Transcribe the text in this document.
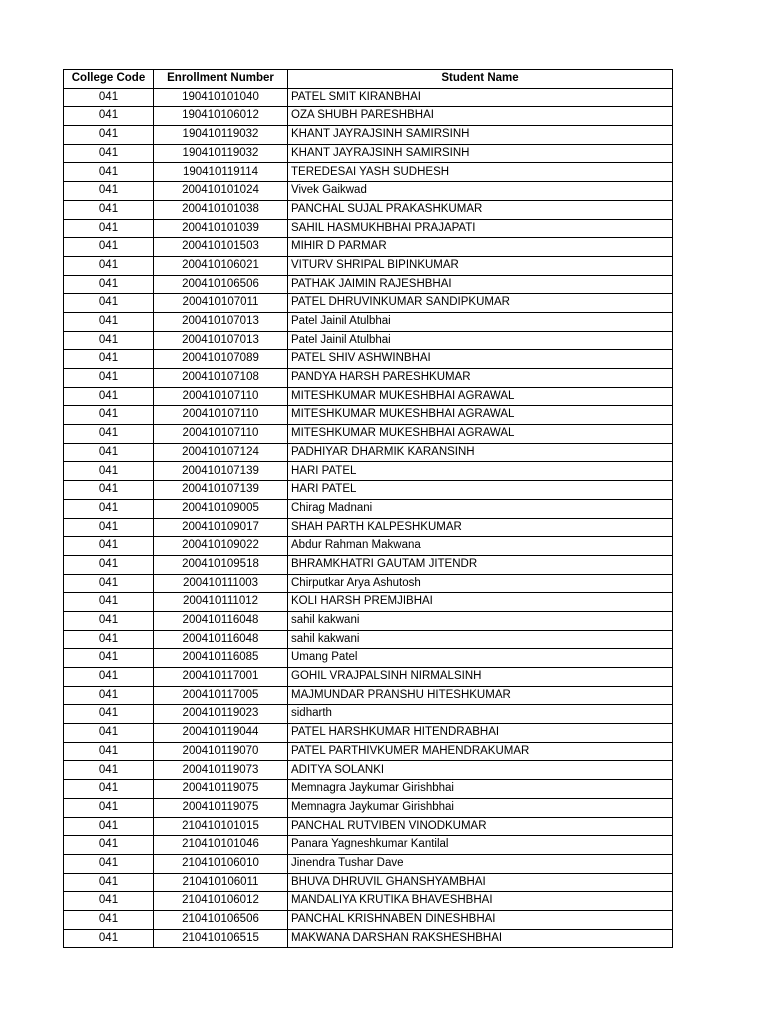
College Code	Enrollment Number	Student Name
041	190410101040	PATEL SMIT KIRANBHAI
041	190410106012	OZA SHUBH PARESHBHAI
041	190410119032	KHANT JAYRAJSINH SAMIRSINH
041	190410119032	KHANT JAYRAJSINH SAMIRSINH
041	190410119114	TEREDESAI YASH SUDHESH
041	200410101024	Vivek Gaikwad
041	200410101038	PANCHAL SUJAL PRAKASHKUMAR
041	200410101039	SAHIL HASMUKHBHAI PRAJAPATI
041	200410101503	MIHIR D PARMAR
041	200410106021	VITURV SHRIPAL BIPINKUMAR
041	200410106506	PATHAK JAIMIN RAJESHBHAI
041	200410107011	PATEL DHRUVINKUMAR SANDIPKUMAR
041	200410107013	Patel Jainil Atulbhai
041	200410107013	Patel Jainil Atulbhai
041	200410107089	PATEL SHIV ASHWINBHAI
041	200410107108	PANDYA HARSH PARESHKUMAR
041	200410107110	MITESHKUMAR MUKESHBHAI AGRAWAL
041	200410107110	MITESHKUMAR MUKESHBHAI AGRAWAL
041	200410107110	MITESHKUMAR MUKESHBHAI AGRAWAL
041	200410107124	PADHIYAR DHARMIK KARANSINH
041	200410107139	HARI PATEL
041	200410107139	HARI PATEL
041	200410109005	Chirag Madnani
041	200410109017	SHAH PARTH KALPESHKUMAR
041	200410109022	Abdur Rahman Makwana
041	200410109518	BHRAMKHATRI GAUTAM JITENDR
041	200410111003	Chirputkar Arya Ashutosh
041	200410111012	KOLI HARSH PREMJIBHAI
041	200410116048	sahil kakwani
041	200410116048	sahil kakwani
041	200410116085	Umang Patel
041	200410117001	GOHIL VRAJPALSINH NIRMALSINH
041	200410117005	MAJMUNDAR PRANSHU HITESHKUMAR
041	200410119023	sidharth
041	200410119044	PATEL HARSHKUMAR HITENDRABHAI
041	200410119070	PATEL PARTHIVKUMER MAHENDRAKUMAR
041	200410119073	ADITYA SOLANKI
041	200410119075	Memnagra Jaykumar Girishbhai
041	200410119075	Memnagra Jaykumar Girishbhai
041	210410101015	PANCHAL RUTVIBEN VINODKUMAR
041	210410101046	Panara Yagneshkumar Kantilal
041	210410106010	Jinendra Tushar Dave
041	210410106011	BHUVA DHRUVIL GHANSHYAMBHAI
041	210410106012	MANDALIYA KRUTIKA BHAVESHBHAI
041	210410106506	PANCHAL KRISHNABEN DINESHBHAI
041	210410106515	MAKWANA DARSHAN RAKSHESHBHAI
